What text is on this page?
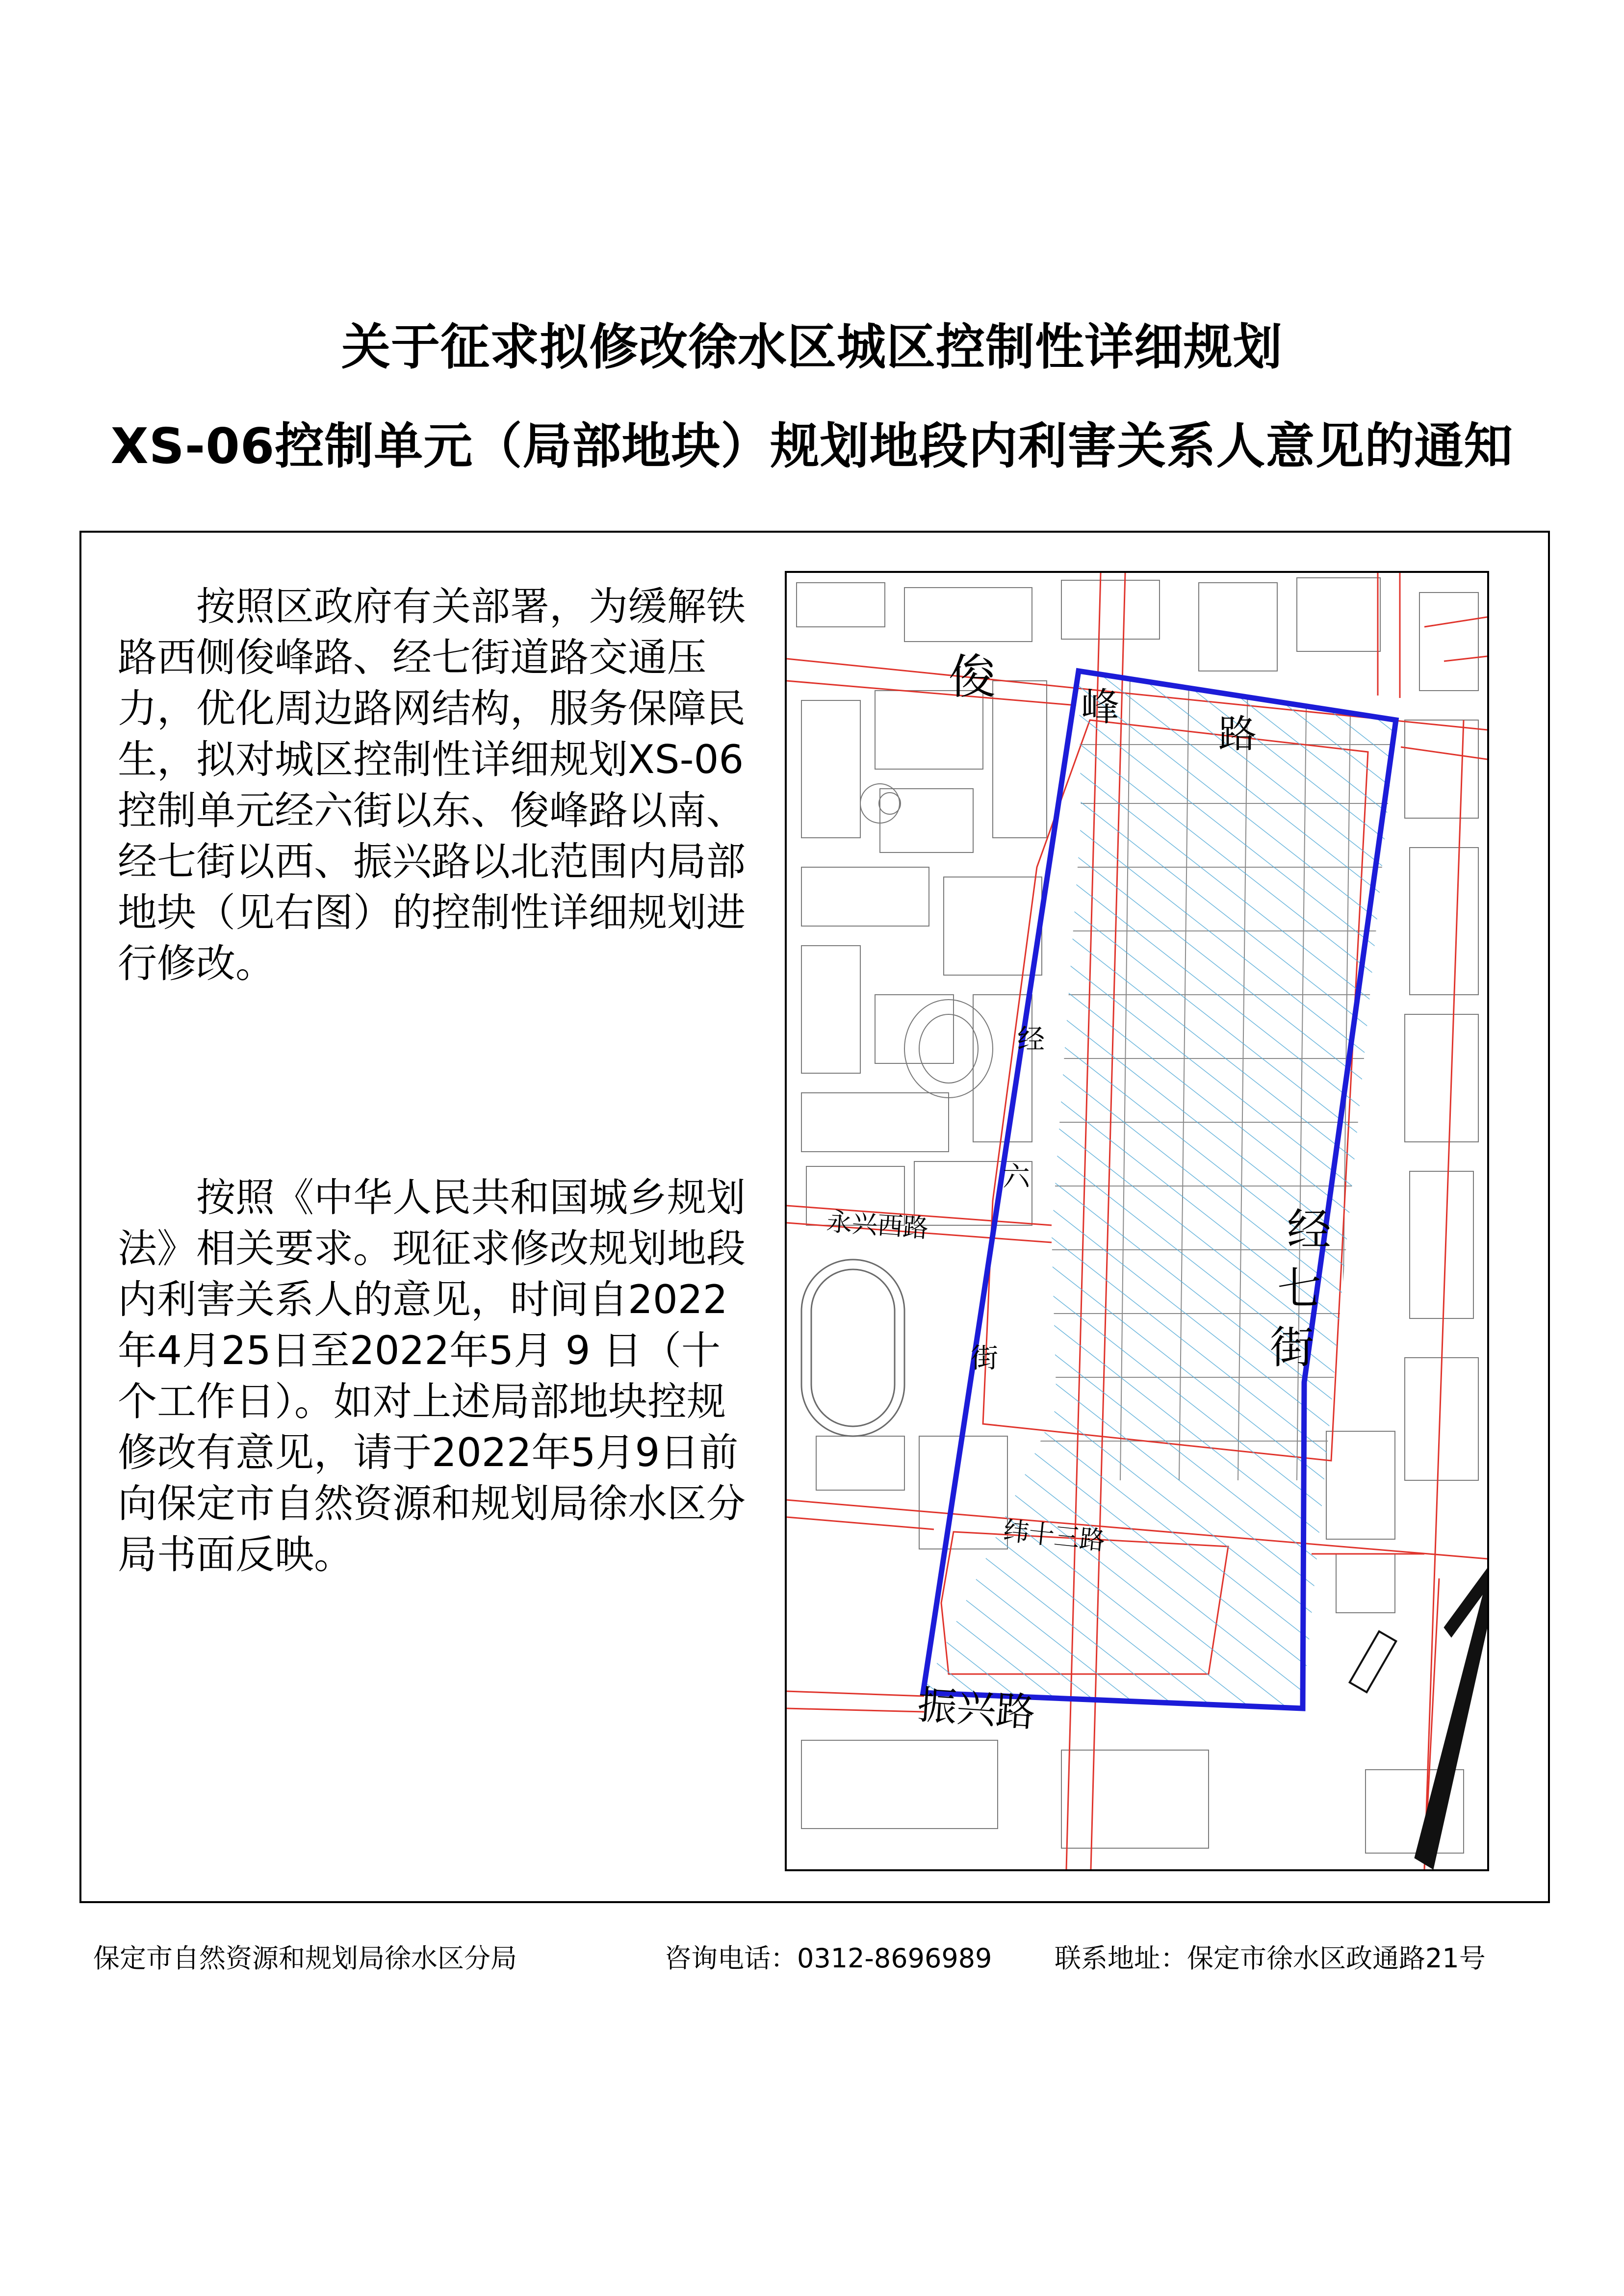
关于征求拟修改徐水区城区控制性详细规划
XS-06控制单元（局部地块）规划地段内利害关系人意见的通知
按照区政府有关部署，为缓解铁路西侧俊峰路、经七街道路交通压力，优化周边路网结构，服务保障民生，拟对城区控制性详细规划XS-06控制单元经六街以东、俊峰路以南、经七街以西、振兴路以北范围内局部地块（见右图）的控制性详细规划进行修改。
按照《中华人民共和国城乡规划法》相关要求。现征求修改规划地段内利害关系人的意见，时间自2022年4月25日至2022年5月 9 日（十个工作日）。如对上述局部地块控规修改有意见，请于2022年5月9日前向保定市自然资源和规划局徐水区分局书面反映。
俊
峰
路
经
六
街
经
七
街
永兴西路
纬十三路
振兴路
保定市自然资源和规划局徐水区分局	咨询电话：0312-8696989 联系地址：保定市徐水区政通路21号
